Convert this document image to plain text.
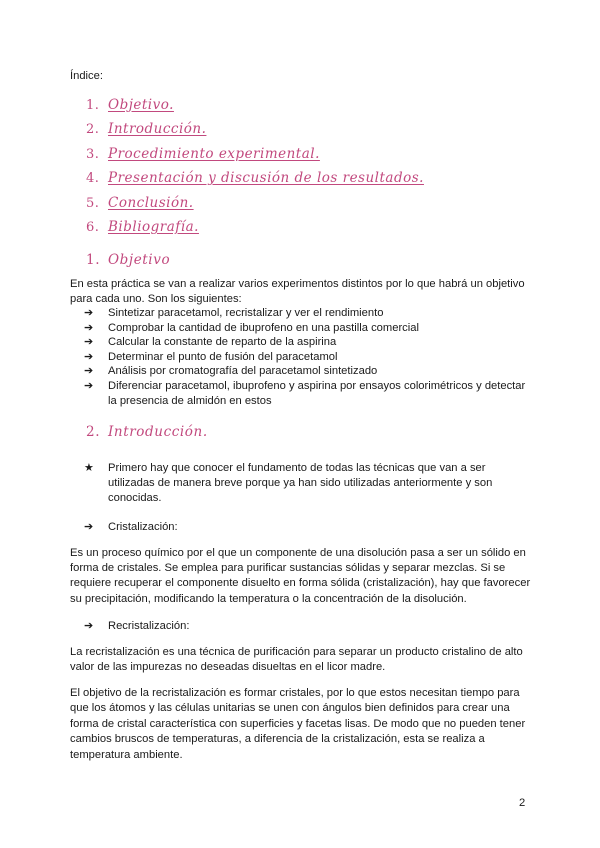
Índice:
1. Objetivo.
2. Introducción.
3. Procedimiento experimental.
4. Presentación y discusión de los resultados.
5. Conclusión.
6. Bibliografía.
1. Objetivo
En esta práctica se van a realizar varios experimentos distintos por lo que habrá un objetivo para cada uno. Son los siguientes:
➔	Sintetizar paracetamol, recristalizar y ver el rendimiento
➔	Comprobar la cantidad de ibuprofeno en una pastilla comercial
➔	Calcular la constante de reparto de la aspirina
➔	Determinar el punto de fusión del paracetamol
➔	Análisis por cromatografía del paracetamol sintetizado
➔	Diferenciar paracetamol, ibuprofeno y aspirina por ensayos colorimétricos y detectar la presencia de almidón en estos
2. Introducción.
★	Primero hay que conocer el fundamento de todas las técnicas que van a ser utilizadas de manera breve porque ya han sido utilizadas anteriormente y son conocidas.
➔	Cristalización:
Es un proceso químico por el que un componente de una disolución pasa a ser un sólido en forma de cristales. Se emplea para purificar sustancias sólidas y separar mezclas. Si se requiere recuperar el componente disuelto en forma sólida (cristalización), hay que favorecer su precipitación, modificando la temperatura o la concentración de la disolución.
➔	Recristalización:
La recristalización es una técnica de purificación para separar un producto cristalino de alto valor de las impurezas no deseadas disueltas en el licor madre.
El objetivo de la recristalización es formar cristales, por lo que estos necesitan tiempo para que los átomos y las células unitarias se unen con ángulos bien definidos para crear una forma de cristal característica con superficies y facetas lisas. De modo que no pueden tener cambios bruscos de temperaturas, a diferencia de la cristalización, esta se realiza a temperatura ambiente.
2
